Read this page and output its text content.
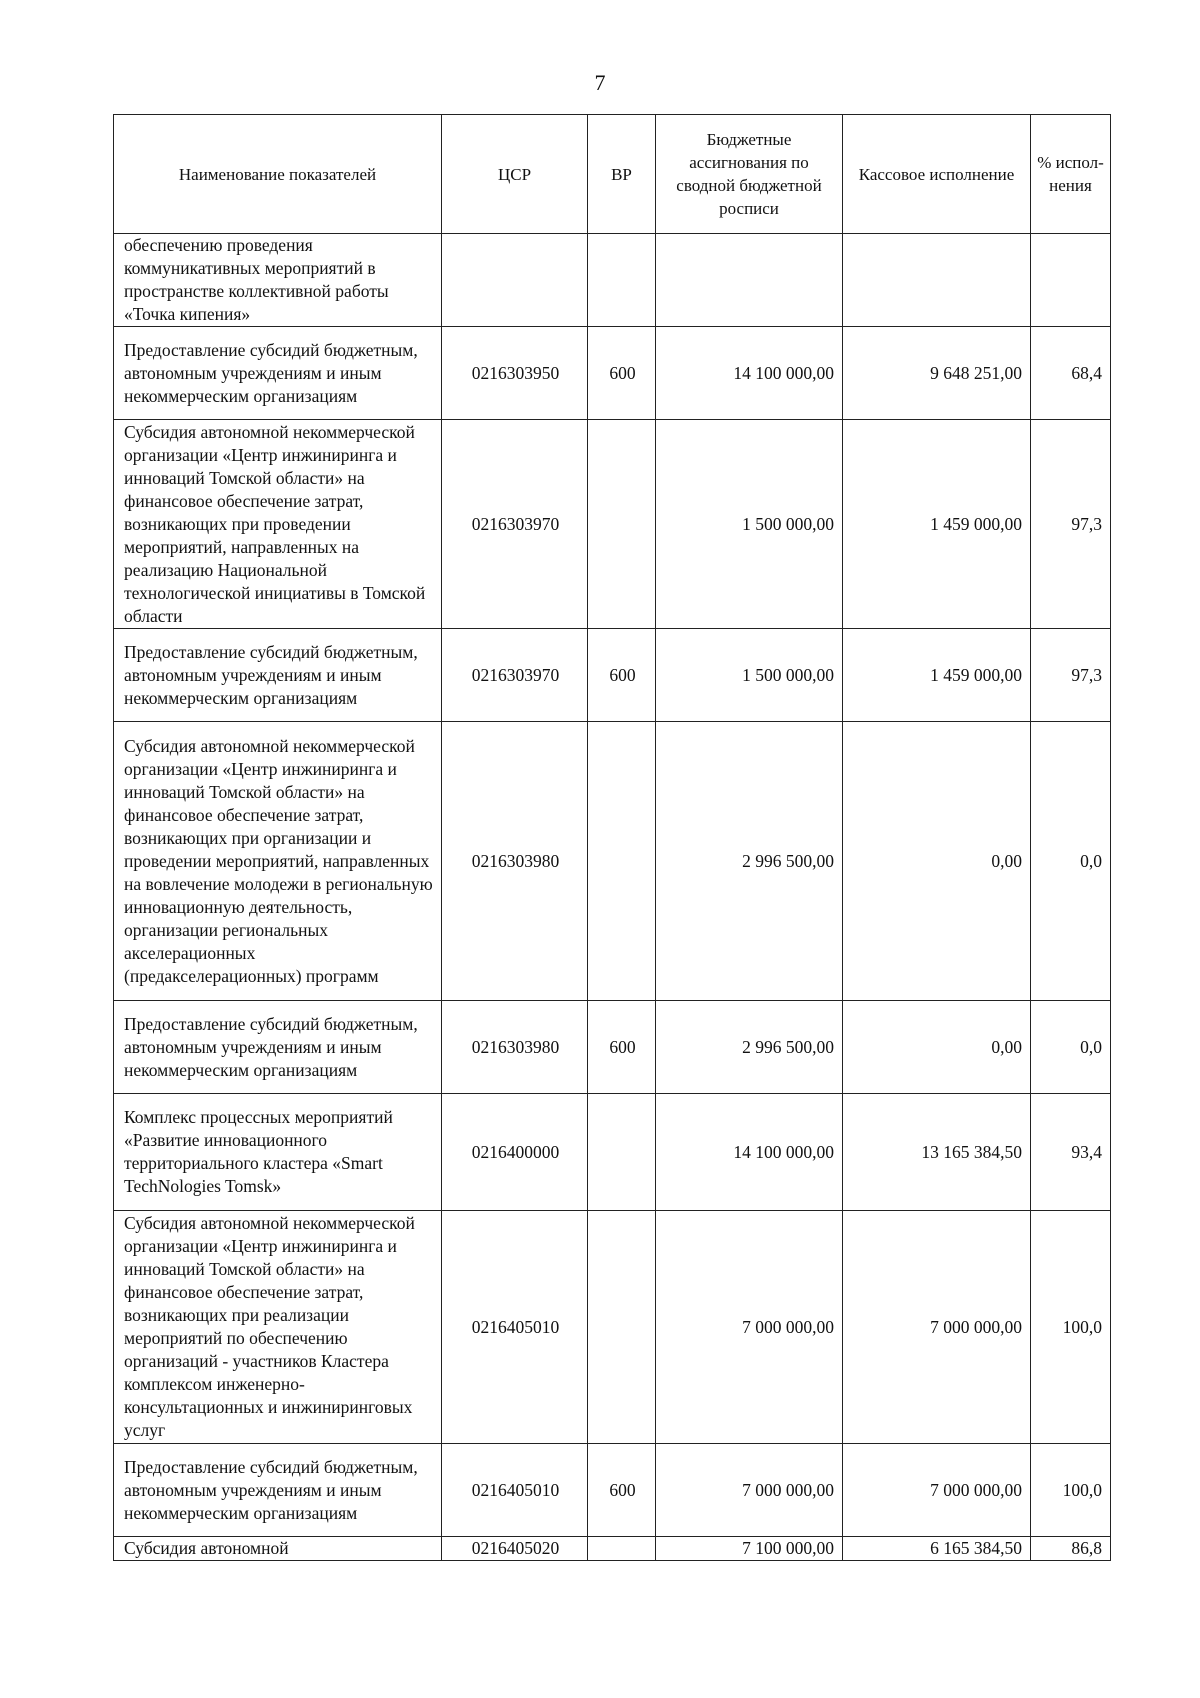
7
Наименование показателей	ЦСР	ВР	Бюджетные ассигнования по сводной бюджетной росписи	Кассовое исполнение	% испол-нения
обеспечению проведения коммуникативных мероприятий в пространстве коллективной работы «Точка кипения»					
Предоставление субсидий бюджетным, автономным учреждениям и иным некоммерческим организациям	0216303950	600	14 100 000,00	9 648 251,00	68,4
Субсидия автономной некоммерческой организации «Центр инжиниринга и инноваций Томской области» на финансовое обеспечение затрат, возникающих при проведении мероприятий, направленных на реализацию Национальной технологической инициативы в Томской области	0216303970		1 500 000,00	1 459 000,00	97,3
Предоставление субсидий бюджетным, автономным учреждениям и иным некоммерческим организациям	0216303970	600	1 500 000,00	1 459 000,00	97,3
Субсидия автономной некоммерческой организации «Центр инжиниринга и инноваций Томской области» на финансовое обеспечение затрат, возникающих при организации и проведении мероприятий, направленных на вовлечение молодежи в региональную инновационную деятельность, организации региональных акселерационных (предакселерационных) программ	0216303980		2 996 500,00	0,00	0,0
Предоставление субсидий бюджетным, автономным учреждениям и иным некоммерческим организациям	0216303980	600	2 996 500,00	0,00	0,0
Комплекс процессных мероприятий «Развитие инновационного территориального кластера «Smart TechNologies Tomsk»	0216400000		14 100 000,00	13 165 384,50	93,4
Субсидия автономной некоммерческой организации «Центр инжиниринга и инноваций Томской области» на финансовое обеспечение затрат, возникающих при реализации мероприятий по обеспечению организаций - участников Кластера комплексом инженерно-консультационных и инжиниринговых услуг	0216405010		7 000 000,00	7 000 000,00	100,0
Предоставление субсидий бюджетным, автономным учреждениям и иным некоммерческим организациям	0216405010	600	7 000 000,00	7 000 000,00	100,0
Субсидия автономной	0216405020		7 100 000,00	6 165 384,50	86,8
